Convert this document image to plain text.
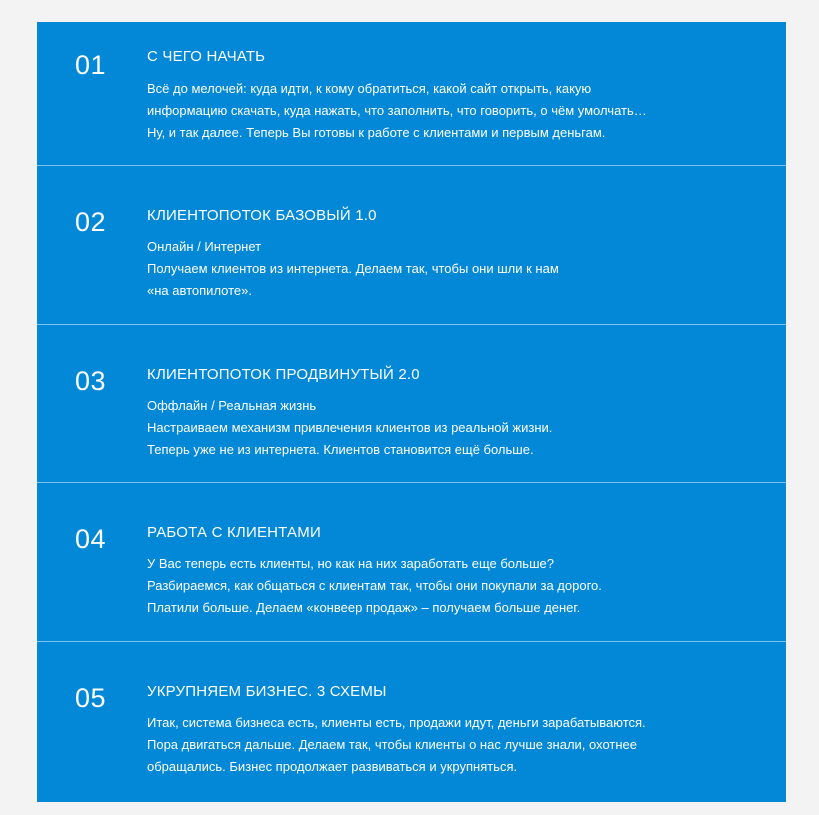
01	С ЧЕГО НАЧАТЬ
Всё до мелочей: куда идти, к кому обратиться, какой сайт открыть, какую
информацию скачать, куда нажать, что заполнить, что говорить, о чём умолчать…
Ну, и так далее. Теперь Вы готовы к работе с клиентами и первым деньгам.
02	КЛИЕНТОПОТОК БАЗОВЫЙ 1.0
Онлайн / Интернет
Получаем клиентов из интернета. Делаем так, чтобы они шли к нам
«на автопилоте».
03	КЛИЕНТОПОТОК ПРОДВИНУТЫЙ 2.0
Оффлайн / Реальная жизнь
Настраиваем механизм привлечения клиентов из реальной жизни.
Теперь уже не из интернета. Клиентов становится ещё больше.
04	РАБОТА С КЛИЕНТАМИ
У Вас теперь есть клиенты, но как на них заработать еще больше?
Разбираемся, как общаться с клиентам так, чтобы они покупали за дорого.
Платили больше. Делаем «конвеер продаж» – получаем больше денег.
05	УКРУПНЯЕМ БИЗНЕС. 3 СХЕМЫ
Итак, система бизнеса есть, клиенты есть, продажи идут, деньги зарабатываются.
Пора двигаться дальше. Делаем так, чтобы клиенты о нас лучше знали, охотнее
обращались. Бизнес продолжает развиваться и укрупняться.
